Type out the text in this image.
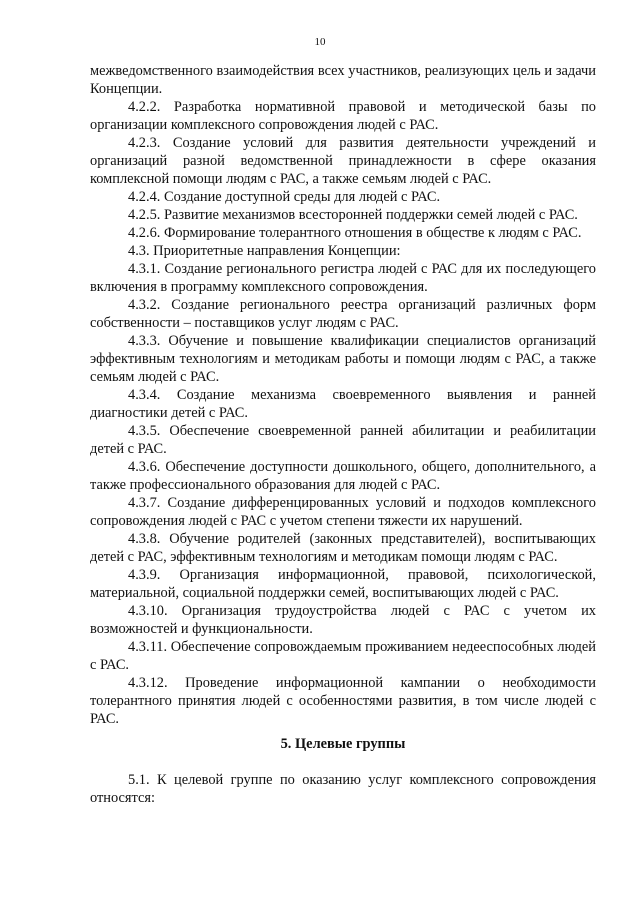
10

межведомственного взаимодействия всех участников, реализующих цель и задачи Концепции.

4.2.2. Разработка нормативной правовой и методической базы по организации комплексного сопровождения людей с РАС.

4.2.3. Создание условий для развития деятельности учреждений и организаций разной ведомственной принадлежности в сфере оказания комплексной помощи людям с РАС, а также семьям людей с РАС.

4.2.4. Создание доступной среды для людей с РАС.

4.2.5. Развитие механизмов всесторонней поддержки семей людей с РАС.

4.2.6. Формирование толерантного отношения в обществе к людям с РАС.

4.3. Приоритетные направления Концепции:

4.3.1. Создание регионального регистра людей с РАС для их последующего включения в программу комплексного сопровождения.

4.3.2. Создание регионального реестра организаций различных форм собственности – поставщиков услуг людям с РАС.

4.3.3. Обучение и повышение квалификации специалистов организаций эффективным технологиям и методикам работы и помощи людям с РАС, а также семьям людей с РАС.

4.3.4. Создание механизма своевременного выявления и ранней диагностики детей с РАС.

4.3.5. Обеспечение своевременной ранней абилитации и реабилитации детей с РАС.

4.3.6. Обеспечение доступности дошкольного, общего, дополнительного, а также профессионального образования для людей с РАС.

4.3.7. Создание дифференцированных условий и подходов комплексного сопровождения людей с РАС с учетом степени тяжести их нарушений.

4.3.8. Обучение родителей (законных представителей), воспитывающих детей с РАС, эффективным технологиям и методикам помощи людям с РАС.

4.3.9. Организация информационной, правовой, психологической, материальной, социальной поддержки семей, воспитывающих людей с РАС.

4.3.10. Организация трудоустройства людей с РАС с учетом их возможностей и функциональности.

4.3.11. Обеспечение сопровождаемым проживанием недееспособных людей с РАС.

4.3.12. Проведение информационной кампании о необходимости толерантного принятия людей с особенностями развития, в том числе людей с РАС.

5. Целевые группы

5.1. К целевой группе по оказанию услуг комплексного сопровождения относятся:
